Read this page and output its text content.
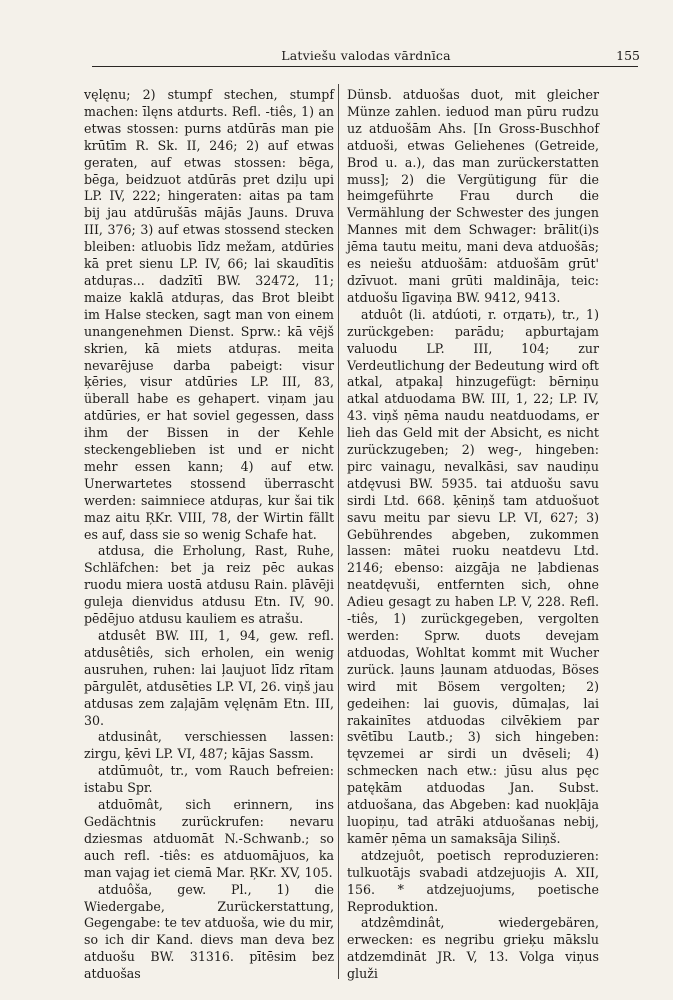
Latviešu valodas vārdnīca	155

vęlęnu; 2) stumpf stechen, stumpf machen: īlęns atdurts. Refl. -tiês, 1) an etwas stossen: purns atdūrās man pie krūtīm R. Sk. II, 246; 2) auf etwas geraten, auf etwas stossen: bēga, bēga, beidzuot atdūrās pret dziļu upi LP. IV, 222; hingeraten: aitas pa tam bij jau atdūrušās mājās Jauns. Druva III, 376; 3) auf etwas stossend stecken bleiben: atluobis līdz mežam, atdūries kā pret sienu LP. IV, 66; lai skaudītis atduŗas... dadzītī BW. 32472, 11; maize kaklā atduŗas, das Brot bleibt im Halse stecken, sagt man von einem unangenehmen Dienst. Sprw.: kā vējš skrien, kā miets atduŗas. meita nevarējuse darba pabeigt: visur ķēries, visur atdūries LP. III, 83, überall habe es gehapert. viņam jau atdūries, er hat soviel gegessen, dass ihm der Bissen in der Kehle steckengeblieben ist und er nicht mehr essen kann; 4) auf etw. Unerwartetes stossend überrascht werden: saimniece atduŗas, kur šai tik maz aitu ŖKr. VIII, 78, der Wirtin fällt es auf, dass sie so wenig Schafe hat.

atdusa, die Erholung, Rast, Ruhe, Schläfchen: bet ja reiz pēc aukas ruodu miera uostā atdusu Rain. plāvēji guleja dienvidus atdusu Etn. IV, 90. pēdējuo atdusu kauliem es atrašu.

atdusêt BW. III, 1, 94, gew. refl. atdusêtiês, sich erholen, ein wenig ausruhen, ruhen: lai ļaujuot līdz rītam pārgulēt, atdusēties LP. VI, 26. viņš jau atdusas zem zaļajām vęlęnām Etn. III, 30.

atdusinât, verschiessen lassen: zirgu, ķēvi LP. VI, 487; kājas Sassm.

atdūmuôt, tr., vom Rauch befreien: istabu Spr.

atduōmât, sich erinnern, ins Gedächtnis zurückrufen: nevaru dziesmas atduomāt N.-Schwanb.; so auch refl. -tiês: es atduomājuos, ka man vajag iet ciemā Mar. ŖKr. XV, 105.

atduôša, gew. Pl., 1) die Wiedergabe, Zurückerstattung, Gegengabe: te tev atduoša, wie du mir, so ich dir Kand. dievs man deva bez atduošu BW. 31316. pītēsim bez atduošas

Dünsb. atduošas duot, mit gleicher Münze zahlen. ieduod man pūru rudzu uz atduošām Ahs. [In Gross-Buschhof atduoši, etwas Geliehenes (Getreide, Brod u. a.), das man zurückerstatten muss]; 2) die Vergütigung für die heimgeführte Frau durch die Vermählung der Schwester des jungen Mannes mit dem Schwager: brālit(i)s jēma tautu meitu, mani deva atduošās; es neiešu atduošām: atduošām grūt' dzīvuot. mani grūti maldināja, teic: atduošu līgaviņa BW. 9412, 9413.

atduôt (li. atdúoti, r. отдать), tr., 1) zurückgeben: parādu; apburtajam valuodu LP. III, 104; zur Verdeutlichung der Bedeutung wird oft atkal, atpakaļ hinzugefügt: bērniņu atkal atduodama BW. III, 1, 22; LP. IV, 43. viņš ņēma naudu neatduodams, er lieh das Geld mit der Absicht, es nicht zurückzugeben; 2) weg-, hingeben: pirc vainagu, nevalkāsi, sav naudiņu atdęvusi BW. 5935. tai atduošu savu sirdi Ltd. 668. ķēniņš tam atduošuot savu meitu par sievu LP. VI, 627; 3) Gebührendes abgeben, zukommen lassen: mātei ruoku neatdevu Ltd. 2146; ebenso: aizgāja ne ļabdienas neatdęvuši, entfernten sich, ohne Adieu gesagt zu haben LP. V, 228. Refl. -tiês, 1) zurückgegeben, vergolten werden: Sprw. duots devejam atduodas, Wohltat kommt mit Wucher zurück. ļauns ļaunam atduodas, Böses wird mit Bösem vergolten; 2) gedeihen: lai guovis, dūmaļas, lai rakainītes atduodas cilvēkiem par svētību Lautb.; 3) sich hingeben: tęvzemei ar sirdi un dvēseli; 4) schmecken nach etw.: jūsu alus pęc patękām atduodas Jan. Subst. atduošana, das Abgeben: kad nuokļāja luopiņu, tad atrāki atduošanas nebij, kamēr ņēma un samaksāja Siliņš.

atdzejuôt, poetisch reproduzieren: tulkuotājs svabadi atdzejuojis A. XII, 156. * atdzejuojums, poetische Reproduktion.

atdzêmdinât, wiedergebären, erwecken: es negribu grieķu mākslu atdzemdināt JR. V, 13. Volga viņus gluži
